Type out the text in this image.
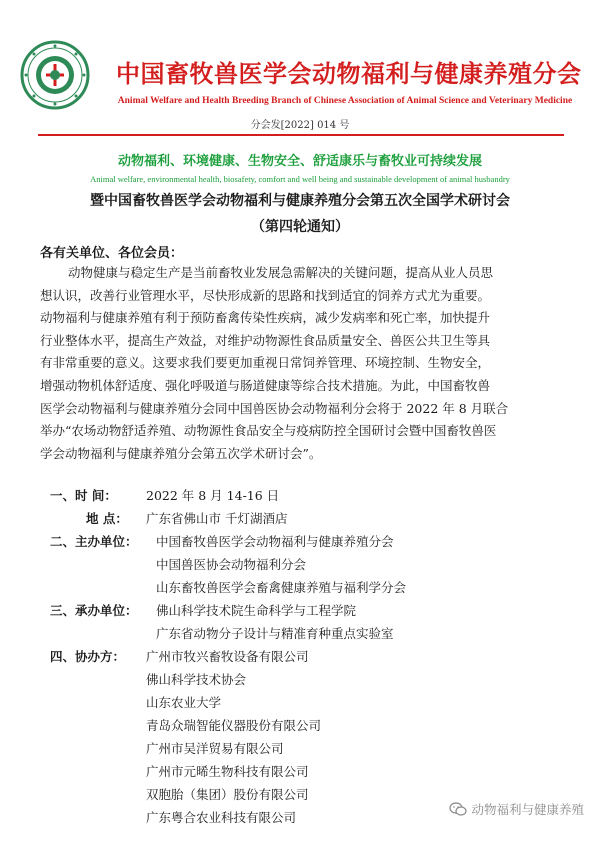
中国畜牧兽医学会动物福利与健康养殖分会
Animal Welfare and Health Breeding Branch of Chinese Association of Animal Science and Veterinary Medicine
分会发[2022] 014 号
动物福利、环境健康、生物安全、舒适康乐与畜牧业可持续发展
Animal welfare, environmental health, biosafety, comfort and well being and sustainable development of animal husbandry
暨中国畜牧兽医学会动物福利与健康养殖分会第五次全国学术研讨会
（第四轮通知）
各有关单位、各位会员：
动物健康与稳定生产是当前畜牧业发展急需解决的关键问题，提高从业人员思
想认识，改善行业管理水平，尽快形成新的思路和找到适宜的饲养方式尤为重要。
动物福利与健康养殖有利于预防畜禽传染性疾病，减少发病率和死亡率，加快提升
行业整体水平，提高生产效益，对维护动物源性食品质量安全、兽医公共卫生等具
有非常重要的意义。这要求我们要更加重视日常饲养管理、环境控制、生物安全，
增强动物机体舒适度、强化呼吸道与肠道健康等综合技术措施。为此，中国畜牧兽
医学会动物福利与健康养殖分会同中国兽医协会动物福利分会将于 2022 年 8 月联合
举办“农场动物舒适养殖、动物源性食品安全与疫病防控全国研讨会暨中国畜牧兽医
学会动物福利与健康养殖分会第五次学术研讨会”。
一、时 间： 2022 年 8 月 14-16 日
地 点： 广东省佛山市 千灯湖酒店
二、主办单位： 中国畜牧兽医学会动物福利与健康养殖分会
中国兽医协会动物福利分会
山东畜牧兽医学会畜禽健康养殖与福利学分会
三、承办单位： 佛山科学技术院生命科学与工程学院
广东省动物分子设计与精准育种重点实验室
四、协办方： 广州市牧兴畜牧设备有限公司
佛山科学技术协会
山东农业大学
青岛众瑞智能仪器股份有限公司
广州市吴洋贸易有限公司
广州市元晞生物科技有限公司
双胞胎（集团）股份有限公司
广东粤合农业科技有限公司
动物福利与健康养殖
